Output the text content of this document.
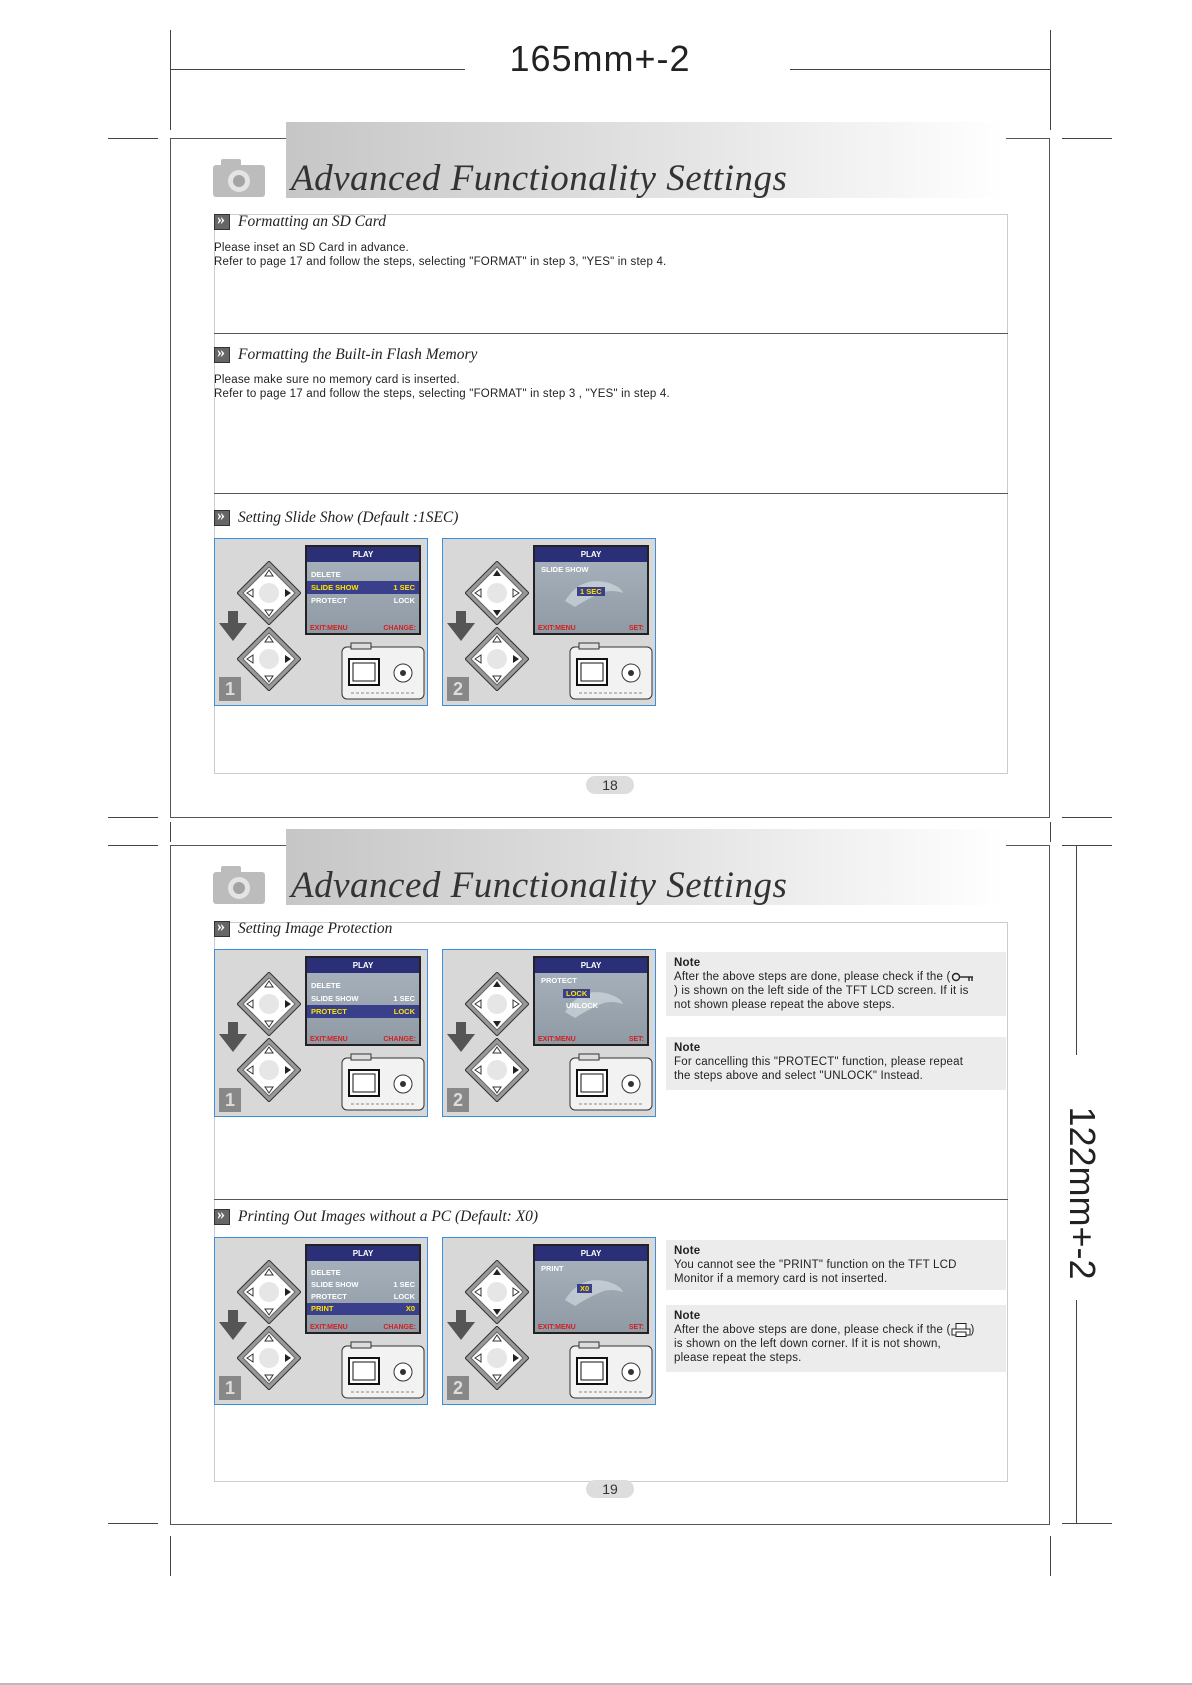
165mm+-2
122mm+-2
Advanced Functionality Settings
»
Formatting an SD Card
Please inset an SD Card in advance.
Refer to page 17 and follow the steps, selecting "FORMAT" in step 3, "YES" in step 4.
»
Formatting the Built-in Flash Memory
Please make sure no memory card is inserted.
Refer to page 17 and follow the steps, selecting "FORMAT" in step 3 , "YES" in step 4.
»
Setting Slide Show (Default :1SEC)
PLAY
DELETE
SLIDE SHOW	1 SEC
PROTECT	LOCK
EXIT:MENU	CHANGE:
1
PLAY
SLIDE SHOW
1 SEC
EXIT:MENU	SET:
2
18
Advanced Functionality Settings
»
Setting Image Protection
PLAY
DELETE
SLIDE SHOW	1 SEC
PROTECT	LOCK
EXIT:MENU	CHANGE:
1
PLAY
PROTECT
LOCK
UNLOCK
EXIT:MENU	SET:
2
»
Printing Out Images without a PC (Default: X0)
PLAY
DELETE
SLIDE SHOW	1 SEC
PROTECT	LOCK
PRINT	X0
EXIT:MENU	CHANGE:
1
PLAY
PRINT
X0
EXIT:MENU	SET:
2
19
Note
After the above steps are done, please check if the (
) is shown on the left side of the TFT LCD screen. If it is
not shown please repeat the above steps.
Note
For cancelling this "PROTECT" function, please repeat
the steps above and select "UNLOCK" Instead.
Note
You cannot see the "PRINT" function on the TFT LCD
Monitor if a memory card is not inserted.
Note
After the above steps are done, please check if the ( )
is shown on the left down corner. If it is not shown,
please repeat the steps.
